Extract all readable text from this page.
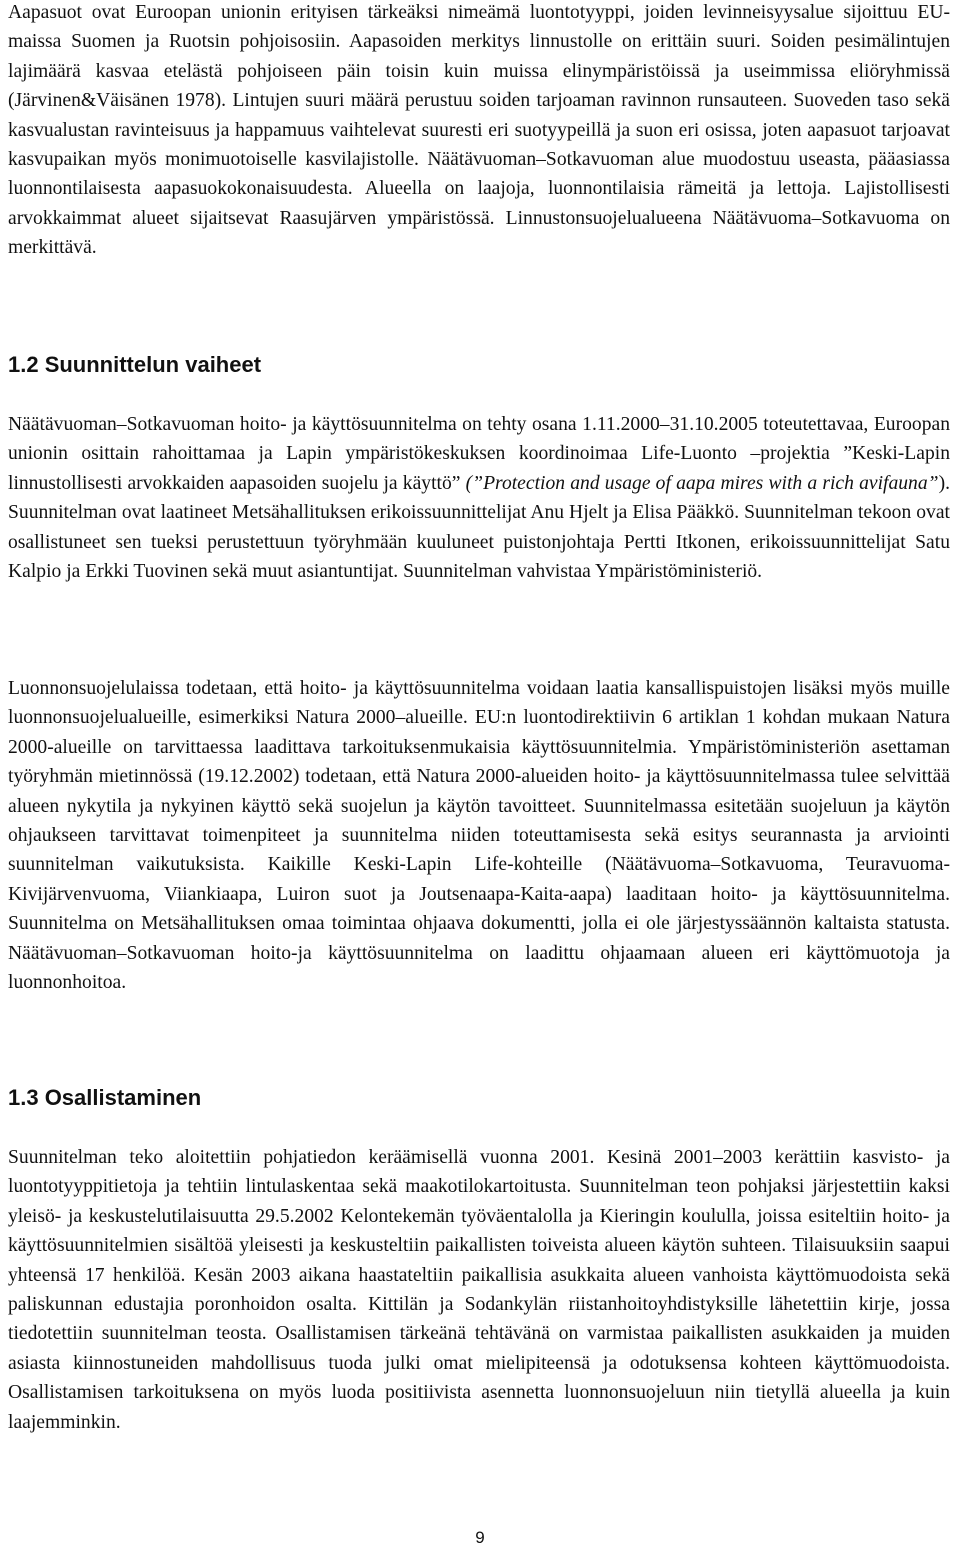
Aapasuot ovat Euroopan unionin erityisen tärkeäksi nimeämä luontotyyppi, joiden levinneisyysalue sijoittuu EU-maissa Suomen ja Ruotsin pohjoisosiin. Aapasoiden merkitys linnustolle on erittäin suuri. Soiden pesimälintujen lajimäärä kasvaa etelästä pohjoiseen päin toisin kuin muissa elinympäristöissä ja useimmissa eliöryhmissä (Järvinen&Väisänen 1978). Lintujen suuri määrä perustuu soiden tarjoaman ravinnon runsauteen. Suoveden taso sekä kasvualustan ravinteisuus ja happamuus vaihtelevat suuresti eri suotyypeillä ja suon eri osissa, joten aapasuot tarjoavat kasvupaikan myös monimuotoiselle kasvilajistolle. Näätävuoman–Sotkavuoman alue muodostuu useasta, pääasiassa luonnontilaisesta aapasuokokonaisuudesta. Alueella on laajoja, luonnontilaisia rämeitä ja lettoja. Lajistollisesti arvokkaimmat alueet sijaitsevat Raasujärven ympäristössä. Linnustonsuojelualueena Näätävuoma–Sotkavuoma on merkittävä.

1.2 Suunnittelun vaiheet

Näätävuoman–Sotkavuoman hoito- ja käyttösuunnitelma on tehty osana 1.11.2000–31.10.2005 toteutettavaa, Euroopan unionin osittain rahoittamaa ja Lapin ympäristökeskuksen koordinoimaa Life-Luonto –projektia ”Keski-Lapin linnustollisesti arvokkaiden aapasoiden suojelu ja käyttö” (”Protection and usage of aapa mires with a rich avifauna”). Suunnitelman ovat laatineet Metsähallituksen erikoissuunnittelijat Anu Hjelt ja Elisa Pääkkö. Suunnitelman tekoon ovat osallistuneet sen tueksi perustettuun työryhmään kuuluneet puistonjohtaja Pertti Itkonen, erikoissuunnittelijat Satu Kalpio ja Erkki Tuovinen sekä muut asiantuntijat. Suunnitelman vahvistaa Ympäristöministeriö.

Luonnonsuojelulaissa todetaan, että hoito- ja käyttösuunnitelma voidaan laatia kansallispuistojen lisäksi myös muille luonnonsuojelualueille, esimerkiksi Natura 2000–alueille. EU:n luontodirektiivin 6 artiklan 1 kohdan mukaan Natura 2000-alueille on tarvittaessa laadittava tarkoituksenmukaisia käyttösuunnitelmia. Ympäristöministeriön asettaman työryhmän mietinnössä (19.12.2002) todetaan, että Natura 2000-alueiden hoito- ja käyttösuunnitelmassa tulee selvittää alueen nykytila ja nykyinen käyttö sekä suojelun ja käytön tavoitteet. Suunnitelmassa esitetään suojeluun ja käytön ohjaukseen tarvittavat toimenpiteet ja suunnitelma niiden toteuttamisesta sekä esitys seurannasta ja arviointi suunnitelman vaikutuksista. Kaikille Keski-Lapin Life-kohteille (Näätävuoma–Sotkavuoma, Teuravuoma-Kivijärvenvuoma, Viiankiaapa, Luiron suot ja Joutsenaapa-Kaita-aapa) laaditaan hoito- ja käyttösuunnitelma. Suunnitelma on Metsähallituksen omaa toimintaa ohjaava dokumentti, jolla ei ole järjestyssäännön kaltaista statusta. Näätävuoman–Sotkavuoman hoito-ja käyttösuunnitelma on laadittu ohjaamaan alueen eri käyttömuotoja ja luonnonhoitoa.

1.3 Osallistaminen

Suunnitelman teko aloitettiin pohjatiedon keräämisellä vuonna 2001. Kesinä 2001–2003 kerättiin kasvisto- ja luontotyyppitietoja ja tehtiin lintulaskentaa sekä maakotilokartoitusta. Suunnitelman teon pohjaksi järjestettiin kaksi yleisö- ja keskustelutilaisuutta 29.5.2002 Kelontekemän työväentalolla ja Kieringin koululla, joissa esiteltiin hoito- ja käyttösuunnitelmien sisältöä yleisesti ja keskusteltiin paikallisten toiveista alueen käytön suhteen. Tilaisuuksiin saapui yhteensä 17 henkilöä. Kesän 2003 aikana haastateltiin paikallisia asukkaita alueen vanhoista käyttömuodoista sekä paliskunnan edustajia poronhoidon osalta. Kittilän ja Sodankylän riistanhoitoyhdistyksille lähetettiin kirje, jossa tiedotettiin suunnitelman teosta. Osallistamisen tärkeänä tehtävänä on varmistaa paikallisten asukkaiden ja muiden asiasta kiinnostuneiden mahdollisuus tuoda julki omat mielipiteensä ja odotuksensa kohteen käyttömuodoista. Osallistamisen tarkoituksena on myös luoda positiivista asennetta luonnonsuojeluun niin tietyllä alueella ja kuin laajemminkin.

9
